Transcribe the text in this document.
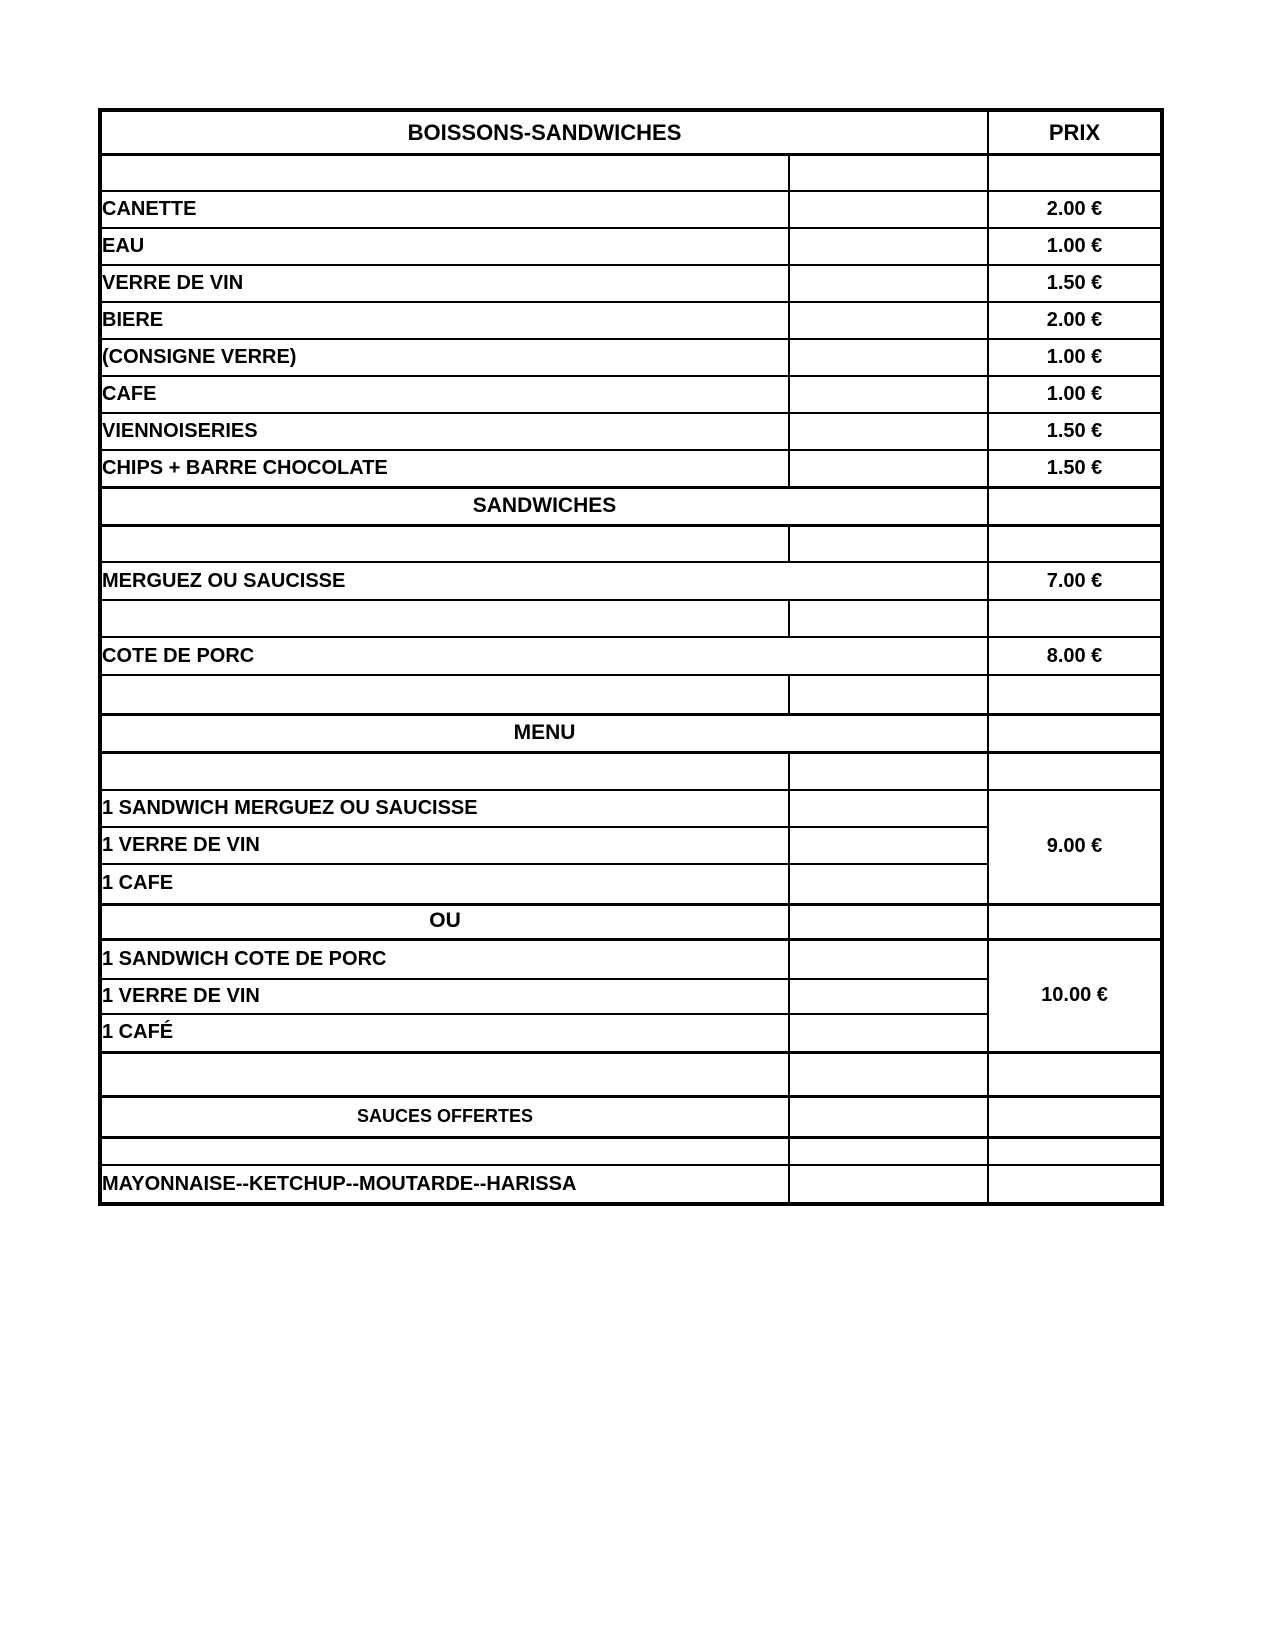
BOISSONS-SANDWICHES		PRIX

CANETTE		2.00 €
EAU		1.00 €
VERRE DE VIN		1.50 €
BIERE		2.00 €
(CONSIGNE VERRE)		1.00 €
CAFE		1.00 €
VIENNOISERIES		1.50 €
CHIPS + BARRE CHOCOLATE		1.50 €
SANDWICHES		

MERGUEZ OU SAUCISSE		7.00 €

COTE DE PORC		8.00 €

MENU		

1 SANDWICH MERGUEZ OU SAUCISSE		9.00 €
1 VERRE DE VIN		
1 CAFE		
OU		
1 SANDWICH COTE DE PORC		10.00 €
1 VERRE DE VIN		
1 CAFÉ		

SAUCES OFFERTES		

MAYONNAISE--KETCHUP--MOUTARDE--HARISSA		
